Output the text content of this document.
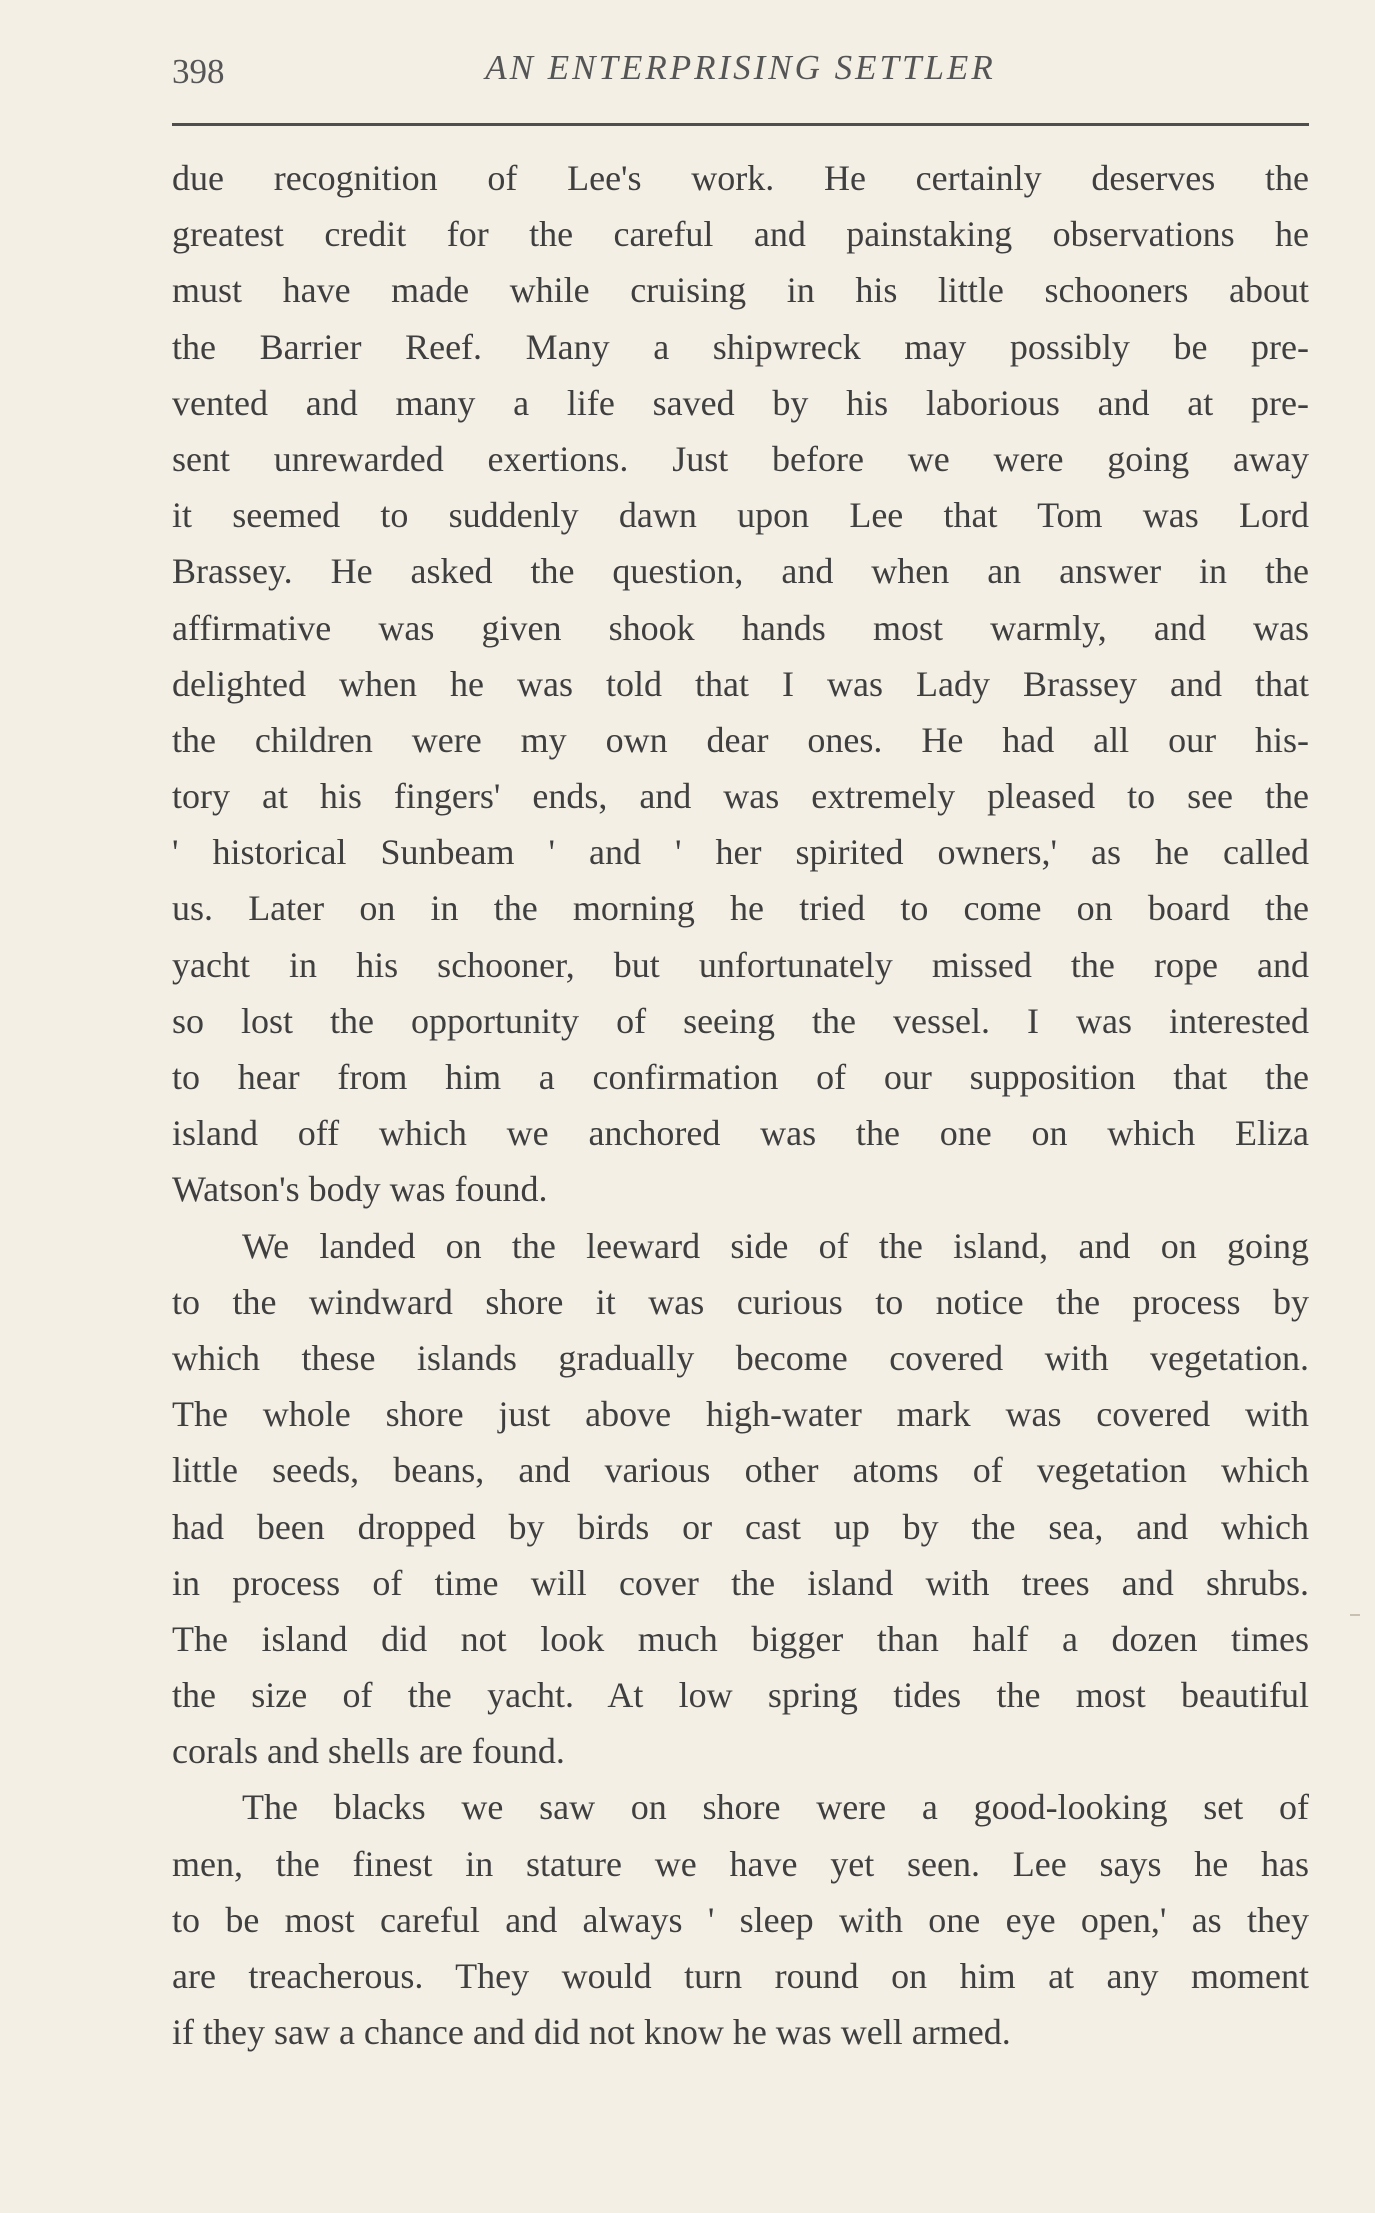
398	AN ENTERPRISING SETTLER
due recognition of Lee's work. He certainly deserves the
greatest credit for the careful and painstaking observations he
must have made while cruising in his little schooners about
the Barrier Reef. Many a shipwreck may possibly be pre-
vented and many a life saved by his laborious and at pre-
sent unrewarded exertions. Just before we were going away
it seemed to suddenly dawn upon Lee that Tom was Lord
Brassey. He asked the question, and when an answer in the
affirmative was given shook hands most warmly, and was
delighted when he was told that I was Lady Brassey and that
the children were my own dear ones. He had all our his-
tory at his fingers' ends, and was extremely pleased to see the
' historical Sunbeam ' and ' her spirited owners,' as he called
us. Later on in the morning he tried to come on board the
yacht in his schooner, but unfortunately missed the rope and
so lost the opportunity of seeing the vessel. I was interested
to hear from him a confirmation of our supposition that the
island off which we anchored was the one on which Eliza
Watson's body was found.
We landed on the leeward side of the island, and on going
to the windward shore it was curious to notice the process by
which these islands gradually become covered with vegetation.
The whole shore just above high-water mark was covered with
little seeds, beans, and various other atoms of vegetation which
had been dropped by birds or cast up by the sea, and which
in process of time will cover the island with trees and shrubs.
The island did not look much bigger than half a dozen times
the size of the yacht. At low spring tides the most beautiful
corals and shells are found.
The blacks we saw on shore were a good-looking set of
men, the finest in stature we have yet seen. Lee says he has
to be most careful and always ' sleep with one eye open,' as they
are treacherous. They would turn round on him at any moment
if they saw a chance and did not know he was well armed.
